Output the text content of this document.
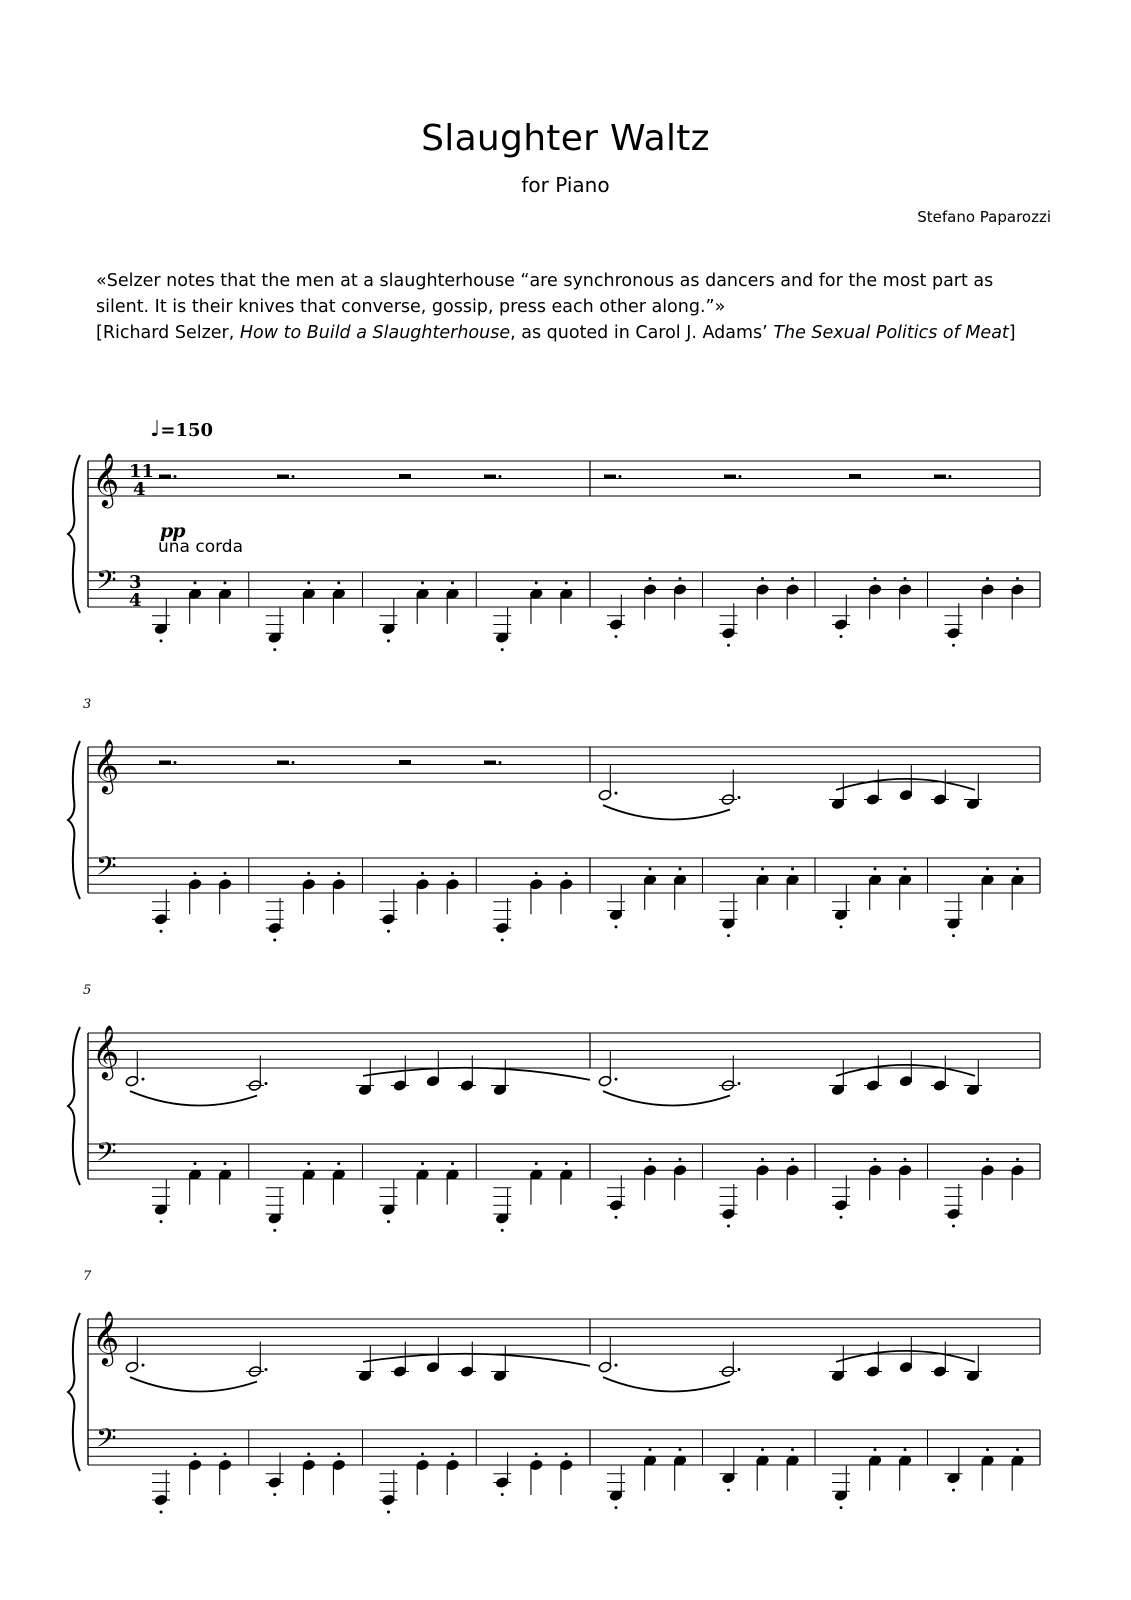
Slaughter Waltz
for Piano
Stefano Paparozzi
«Selzer notes that the men at a slaughterhouse “are synchronous as dancers and for the most part as
silent. It is their knives that converse, gossip, press each other along.”»
[Richard Selzer, How to Build a Slaughterhouse, as quoted in Carol J. Adams’ The Sexual Politics of Meat]
♩=150
𝄞
𝄢
11
4
3
4
𝄞
𝄢
𝄞
𝄢
𝄞
𝄢
pp
una corda
3
5
7
